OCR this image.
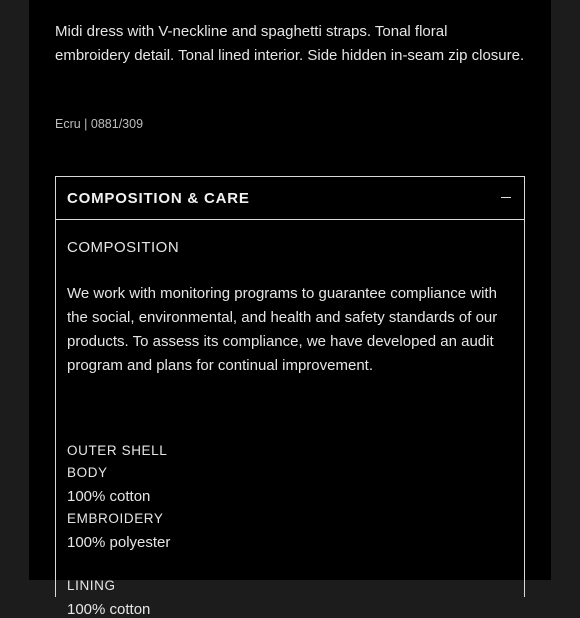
Midi dress with V-neckline and spaghetti straps. Tonal floral embroidery detail. Tonal lined interior. Side hidden in-seam zip closure.

Ecru | 0881/309

COMPOSITION & CARE
COMPOSITION

We work with monitoring programs to guarantee compliance with the social, environmental, and health and safety standards of our products. To assess its compliance, we have developed an audit program and plans for continual improvement.

OUTER SHELL
BODY
100% cotton
EMBROIDERY
100% polyester
LINING
100% cotton
